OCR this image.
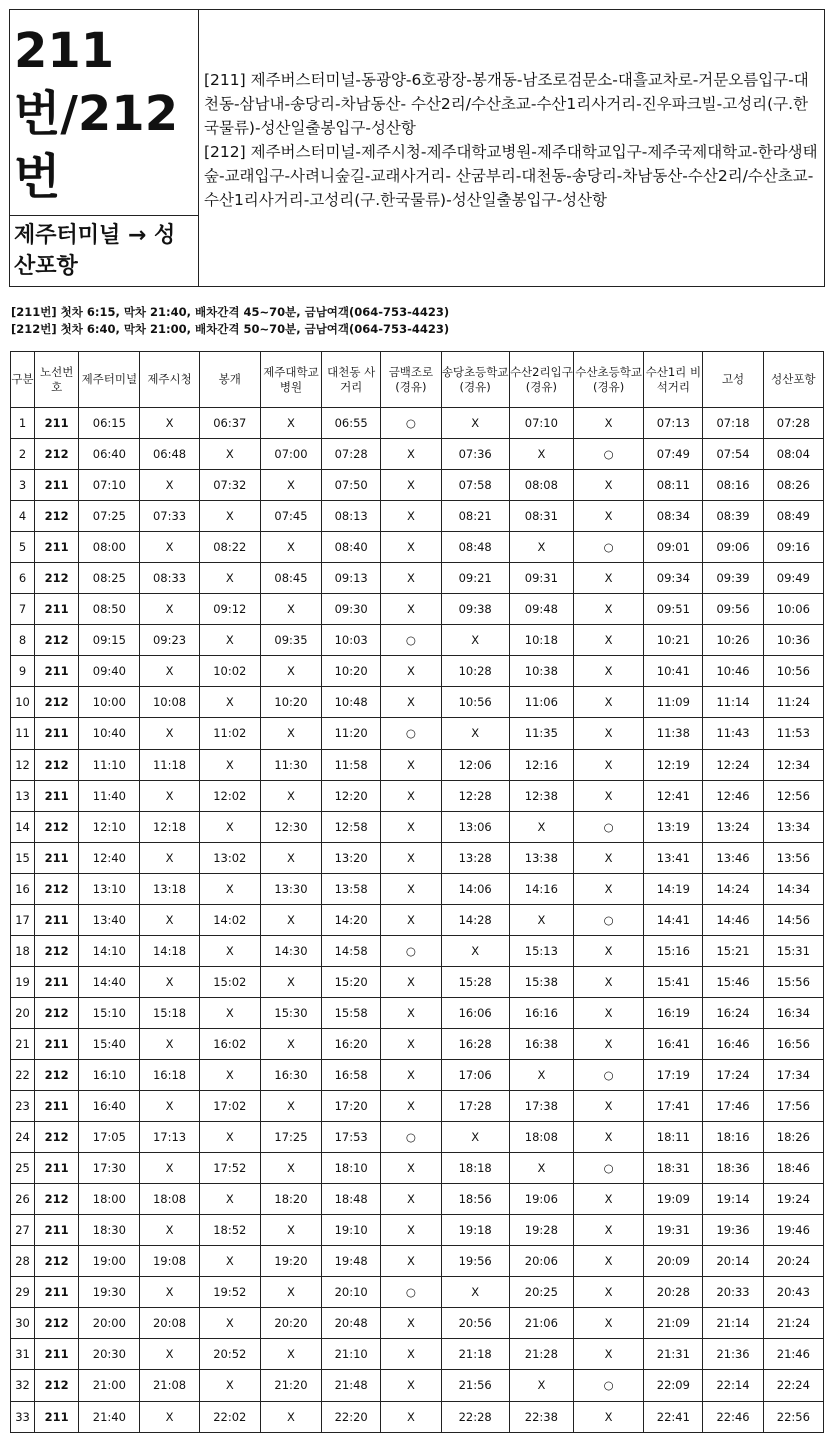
211번/212번
제주터미널 → 성산포항
[211] 제주버스터미널-동광양-6호광장-봉개동-남조로검문소-대흘교차로-거문오름입구-대천동-삼남내-송당리-차남동산- 수산2리/수산초교-수산1리사거리-진우파크빌-고성리(구.한국물류)-성산일출봉입구-성산항
[212] 제주버스터미널-제주시청-제주대학교병원-제주대학교입구-제주국제대학교-한라생태숲-교래입구-사려니숲길-교래사거리- 산굼부리-대천동-송당리-차남동산-수산2리/수산초교-수산1리사거리-고성리(구.한국물류)-성산일출봉입구-성산항
[211번] 첫차 6:15, 막차 21:40, 배차간격 45~70분, 금남여객(064-753-4423)
[212번] 첫차 6:40, 막차 21:00, 배차간격 50~70분, 금남여객(064-753-4423)
구분	노선번호	제주터미널	제주시청	봉개	제주대학교 병원	대천동 사거리	금백조로 (경유)	송당초등학교 (경유)	수산2리입구 (경유)	수산초등학교 (경유)	수산1리 비석거리	고성	성산포항
1	211	06:15	X	06:37	X	06:55	○	X	07:10	X	07:13	07:18	07:28
2	212	06:40	06:48	X	07:00	07:28	X	07:36	X	○	07:49	07:54	08:04
3	211	07:10	X	07:32	X	07:50	X	07:58	08:08	X	08:11	08:16	08:26
4	212	07:25	07:33	X	07:45	08:13	X	08:21	08:31	X	08:34	08:39	08:49
5	211	08:00	X	08:22	X	08:40	X	08:48	X	○	09:01	09:06	09:16
6	212	08:25	08:33	X	08:45	09:13	X	09:21	09:31	X	09:34	09:39	09:49
7	211	08:50	X	09:12	X	09:30	X	09:38	09:48	X	09:51	09:56	10:06
8	212	09:15	09:23	X	09:35	10:03	○	X	10:18	X	10:21	10:26	10:36
9	211	09:40	X	10:02	X	10:20	X	10:28	10:38	X	10:41	10:46	10:56
10	212	10:00	10:08	X	10:20	10:48	X	10:56	11:06	X	11:09	11:14	11:24
11	211	10:40	X	11:02	X	11:20	○	X	11:35	X	11:38	11:43	11:53
12	212	11:10	11:18	X	11:30	11:58	X	12:06	12:16	X	12:19	12:24	12:34
13	211	11:40	X	12:02	X	12:20	X	12:28	12:38	X	12:41	12:46	12:56
14	212	12:10	12:18	X	12:30	12:58	X	13:06	X	○	13:19	13:24	13:34
15	211	12:40	X	13:02	X	13:20	X	13:28	13:38	X	13:41	13:46	13:56
16	212	13:10	13:18	X	13:30	13:58	X	14:06	14:16	X	14:19	14:24	14:34
17	211	13:40	X	14:02	X	14:20	X	14:28	X	○	14:41	14:46	14:56
18	212	14:10	14:18	X	14:30	14:58	○	X	15:13	X	15:16	15:21	15:31
19	211	14:40	X	15:02	X	15:20	X	15:28	15:38	X	15:41	15:46	15:56
20	212	15:10	15:18	X	15:30	15:58	X	16:06	16:16	X	16:19	16:24	16:34
21	211	15:40	X	16:02	X	16:20	X	16:28	16:38	X	16:41	16:46	16:56
22	212	16:10	16:18	X	16:30	16:58	X	17:06	X	○	17:19	17:24	17:34
23	211	16:40	X	17:02	X	17:20	X	17:28	17:38	X	17:41	17:46	17:56
24	212	17:05	17:13	X	17:25	17:53	○	X	18:08	X	18:11	18:16	18:26
25	211	17:30	X	17:52	X	18:10	X	18:18	X	○	18:31	18:36	18:46
26	212	18:00	18:08	X	18:20	18:48	X	18:56	19:06	X	19:09	19:14	19:24
27	211	18:30	X	18:52	X	19:10	X	19:18	19:28	X	19:31	19:36	19:46
28	212	19:00	19:08	X	19:20	19:48	X	19:56	20:06	X	20:09	20:14	20:24
29	211	19:30	X	19:52	X	20:10	○	X	20:25	X	20:28	20:33	20:43
30	212	20:00	20:08	X	20:20	20:48	X	20:56	21:06	X	21:09	21:14	21:24
31	211	20:30	X	20:52	X	21:10	X	21:18	21:28	X	21:31	21:36	21:46
32	212	21:00	21:08	X	21:20	21:48	X	21:56	X	○	22:09	22:14	22:24
33	211	21:40	X	22:02	X	22:20	X	22:28	22:38	X	22:41	22:46	22:56
